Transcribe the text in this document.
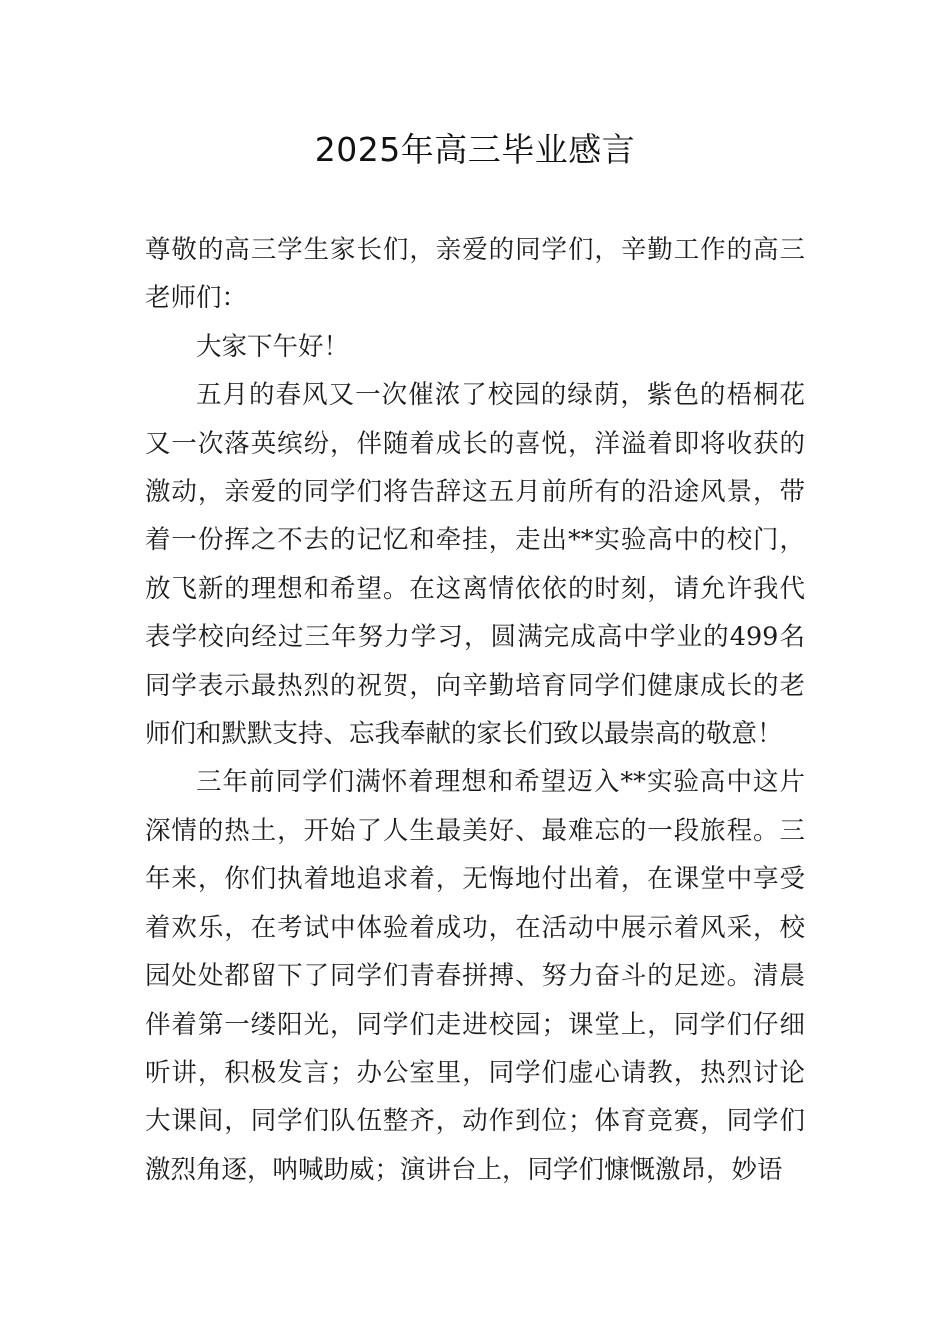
2025年高三毕业感言

尊敬的高三学生家长们，亲爱的同学们，辛勤工作的高三老师们：

大家下午好！

五月的春风又一次催浓了校园的绿荫，紫色的梧桐花又一次落英缤纷，伴随着成长的喜悦，洋溢着即将收获的激动，亲爱的同学们将告辞这五月前所有的沿途风景，带着一份挥之不去的记忆和牵挂，走出**实验高中的校门，放飞新的理想和希望。在这离情依依的时刻，请允许我代表学校向经过三年努力学习，圆满完成高中学业的499名同学表示最热烈的祝贺，向辛勤培育同学们健康成长的老师们和默默支持、忘我奉献的家长们致以最崇高的敬意！

三年前同学们满怀着理想和希望迈入**实验高中这片深情的热土，开始了人生最美好、最难忘的一段旅程。三年来，你们执着地追求着，无悔地付出着，在课堂中享受着欢乐，在考试中体验着成功，在活动中展示着风采，校园处处都留下了同学们青春拼搏、努力奋斗的足迹。清晨伴着第一缕阳光，同学们走进校园；课堂上，同学们仔细听讲，积极发言；办公室里，同学们虚心请教，热烈讨论大课间，同学们队伍整齐，动作到位；体育竞赛，同学们激烈角逐，呐喊助威；演讲台上，同学们慷慨激昂，妙语
